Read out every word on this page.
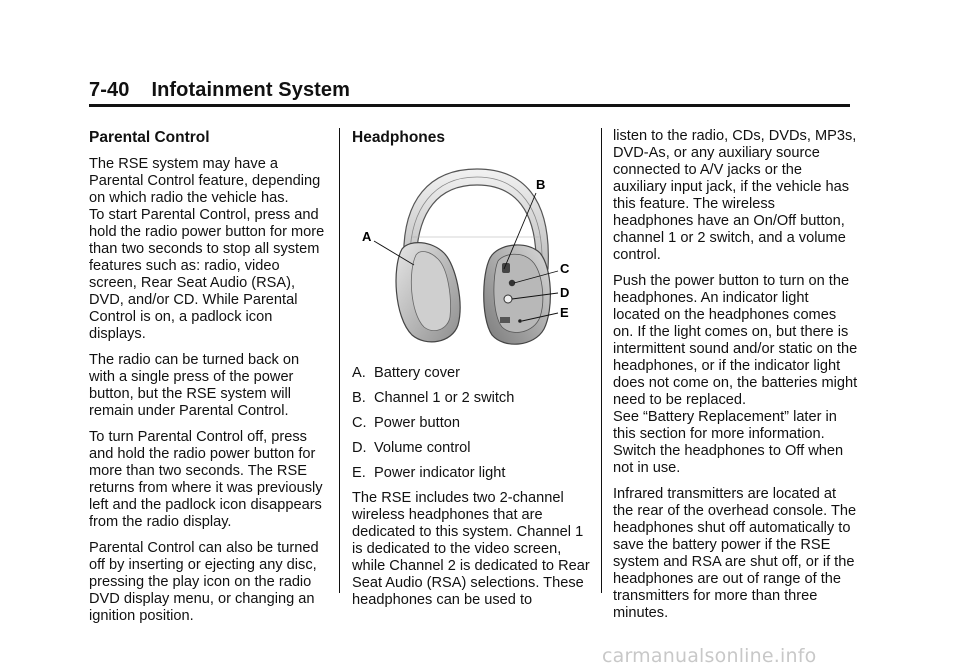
7-40 Infotainment System
Parental Control

The RSE system may have a Parental Control feature, depending on which radio the vehicle has.

To start Parental Control, press and hold the radio power button for more than two seconds to stop all system features such as: radio, video screen, Rear Seat Audio (RSA), DVD, and/or CD. While Parental Control is on, a padlock icon displays.

The radio can be turned back on with a single press of the power button, but the RSE system will remain under Parental Control.

To turn Parental Control off, press and hold the radio power button for more than two seconds. The RSE returns from where it was previously left and the padlock icon disappears from the radio display.

Parental Control can also be turned off by inserting or ejecting any disc, pressing the play icon on the radio DVD display menu, or changing an ignition position.

Headphones
A
B
C
D
E
A. Battery cover
B. Channel 1 or 2 switch
C. Power button
D. Volume control
E. Power indicator light

The RSE includes two 2-channel wireless headphones that are dedicated to this system. Channel 1 is dedicated to the video screen, while Channel 2 is dedicated to Rear Seat Audio (RSA) selections. These headphones can be used to

listen to the radio, CDs, DVDs, MP3s, DVD-As, or any auxiliary source connected to A/V jacks or the auxiliary input jack, if the vehicle has this feature. The wireless headphones have an On/Off button, channel 1 or 2 switch, and a volume control.

Push the power button to turn on the headphones. An indicator light located on the headphones comes on. If the light comes on, but there is intermittent sound and/or static on the headphones, or if the indicator light does not come on, the batteries might need to be replaced.

See “Battery Replacement” later in this section for more information.

Switch the headphones to Off when not in use.

Infrared transmitters are located at the rear of the overhead console. The headphones shut off automatically to save the battery power if the RSE system and RSA are shut off, or if the headphones are out of range of the transmitters for more than three minutes.

carmanualsonline.info
